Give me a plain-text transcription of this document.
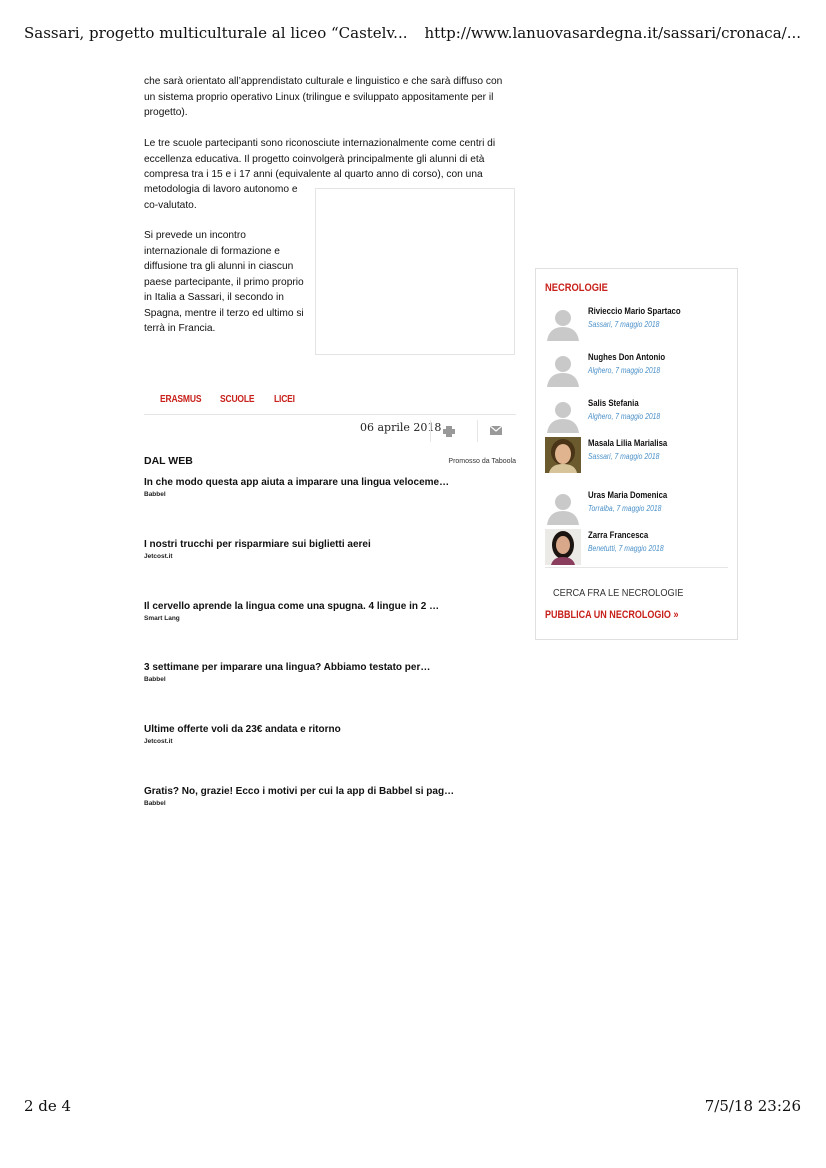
Sassari, progetto multiculturale al liceo “Castelv... http://www.lanuovasardegna.it/sassari/cronaca/...

che sarà orientato all’apprendistato culturale e linguistico e che sarà diffuso con un sistema proprio operativo Linux (trilingue e sviluppato appositamente per il progetto).

Le tre scuole partecipanti sono riconosciute internazionalmente come centri di eccellenza educativa. Il progetto coinvolgerà principalmente gli alunni di età compresa tra i 15 e i 17 anni (equivalente al quarto anno di corso), con una

metodologia di lavoro autonomo e co-valutato.

Si prevede un incontro internazionale di formazione e diffusione tra gli alunni in ciascun paese partecipante, il primo proprio in Italia a Sassari, il secondo in Spagna, mentre il terzo ed ultimo si terrà in Francia.

ERASMUS SCUOLE LICEI
06 aprile 2018
DAL WEB	Promosso da Taboola
In che modo questa app aiuta a imparare una lingua veloceme…
Babbel
I nostri trucchi per risparmiare sui biglietti aerei
Jetcost.it
Il cervello aprende la lingua come una spugna. 4 lingue in 2 …
Smart Lang
3 settimane per imparare una lingua? Abbiamo testato per…
Babbel
Ultime offerte voli da 23€ andata e ritorno
Jetcost.it
Gratis? No, grazie! Ecco i motivi per cui la app di Babbel si pag…
Babbel
NECROLOGIE
Rivieccio Mario Spartaco
Sassari, 7 maggio 2018
Nughes Don Antonio
Alghero, 7 maggio 2018
Salis Stefania
Alghero, 7 maggio 2018
Masala Lilia Marialisa
Sassari, 7 maggio 2018
Uras Maria Domenica
Torralba, 7 maggio 2018
Zarra Francesca
Benetutti, 7 maggio 2018
CERCA FRA LE NECROLOGIE
PUBBLICA UN NECROLOGIO »
2 de 4	7/5/18 23:26
